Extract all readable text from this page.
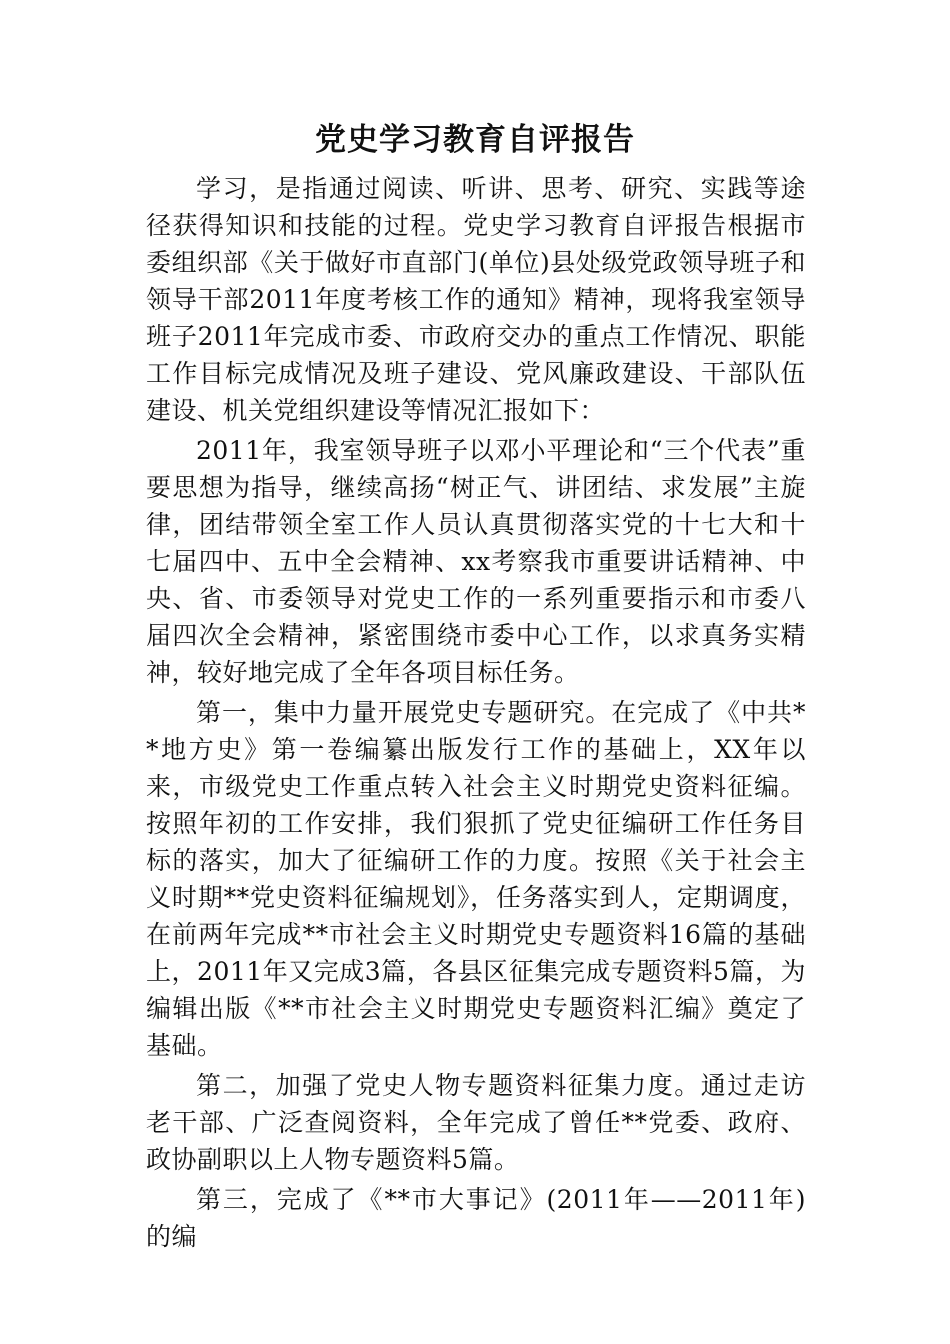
党史学习教育自评报告

学习，是指通过阅读、听讲、思考、研究、实践等途径获得知识和技能的过程。党史学习教育自评报告根据市委组织部《关于做好市直部门(单位)县处级党政领导班子和领导干部2011年度考核工作的通知》精神，现将我室领导班子2011年完成市委、市政府交办的重点工作情况、职能工作目标完成情况及班子建设、党风廉政建设、干部队伍建设、机关党组织建设等情况汇报如下：

2011年，我室领导班子以邓小平理论和“三个代表”重要思想为指导，继续高扬“树正气、讲团结、求发展”主旋律，团结带领全室工作人员认真贯彻落实党的十七大和十七届四中、五中全会精神、xx考察我市重要讲话精神、中央、省、市委领导对党史工作的一系列重要指示和市委八届四次全会精神，紧密围绕市委中心工作，以求真务实精神，较好地完成了全年各项目标任务。

第一，集中力量开展党史专题研究。在完成了《中共**地方史》第一卷编纂出版发行工作的基础上，XX年以来，市级党史工作重点转入社会主义时期党史资料征编。按照年初的工作安排，我们狠抓了党史征编研工作任务目标的落实，加大了征编研工作的力度。按照《关于社会主义时期**党史资料征编规划》，任务落实到人，定期调度，在前两年完成**市社会主义时期党史专题资料16篇的基础上，2011年又完成3篇，各县区征集完成专题资料5篇，为编辑出版《**市社会主义时期党史专题资料汇编》奠定了基础。

第二，加强了党史人物专题资料征集力度。通过走访老干部、广泛查阅资料，全年完成了曾任**党委、政府、政协副职以上人物专题资料5篇。

第三，完成了《**市大事记》(2011年——2011年)的编
